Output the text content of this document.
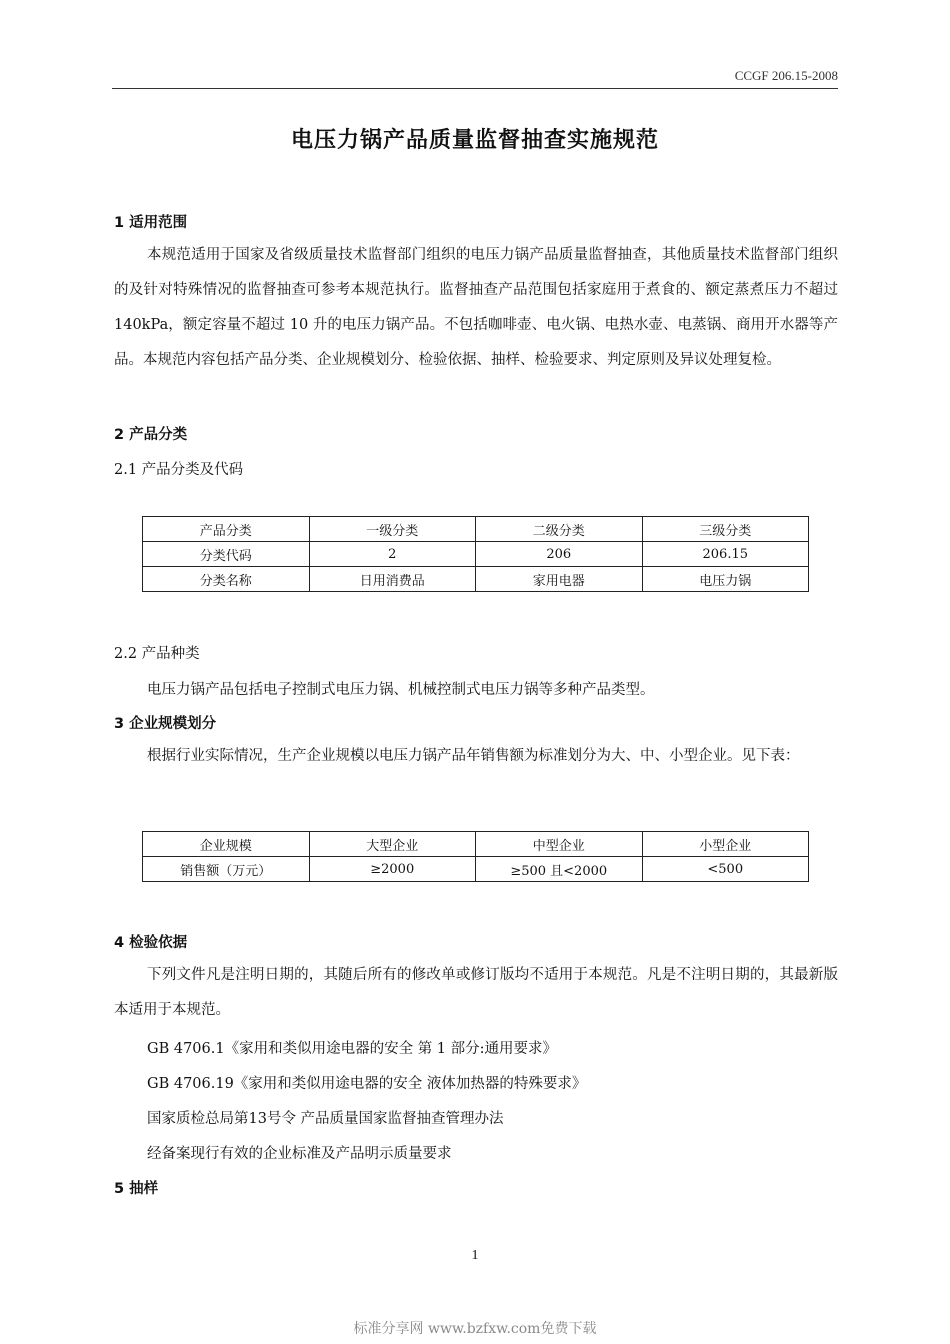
CCGF 206.15-2008
电压力锅产品质量监督抽查实施规范
1 适用范围
本规范适用于国家及省级质量技术监督部门组织的电压力锅产品质量监督抽查，其他质量技术监督部门组织的及针对特殊情况的监督抽查可参考本规范执行。监督抽查产品范围包括家庭用于煮食的、额定蒸煮压力不超过 140kPa，额定容量不超过 10 升的电压力锅产品。不包括咖啡壶、电火锅、电热水壶、电蒸锅、商用开水器等产品。本规范内容包括产品分类、企业规模划分、检验依据、抽样、检验要求、判定原则及异议处理复检。
2 产品分类
2.1 产品分类及代码
产品分类	一级分类	二级分类	三级分类
分类代码	2	206	206.15
分类名称	日用消费品	家用电器	电压力锅
2.2 产品种类
电压力锅产品包括电子控制式电压力锅、机械控制式电压力锅等多种产品类型。
3 企业规模划分
根据行业实际情况，生产企业规模以电压力锅产品年销售额为标准划分为大、中、小型企业。见下表：
企业规模	大型企业	中型企业	小型企业
销售额（万元）	≥2000	≥500 且<2000	<500
4 检验依据
下列文件凡是注明日期的，其随后所有的修改单或修订版均不适用于本规范。凡是不注明日期的，其最新版本适用于本规范。
GB 4706.1《家用和类似用途电器的安全 第 1 部分:通用要求》
GB 4706.19《家用和类似用途电器的安全 液体加热器的特殊要求》
国家质检总局第13号令 产品质量国家监督抽查管理办法
经备案现行有效的企业标准及产品明示质量要求
5 抽样
1
标准分享网 www.bzfxw.com免费下载
